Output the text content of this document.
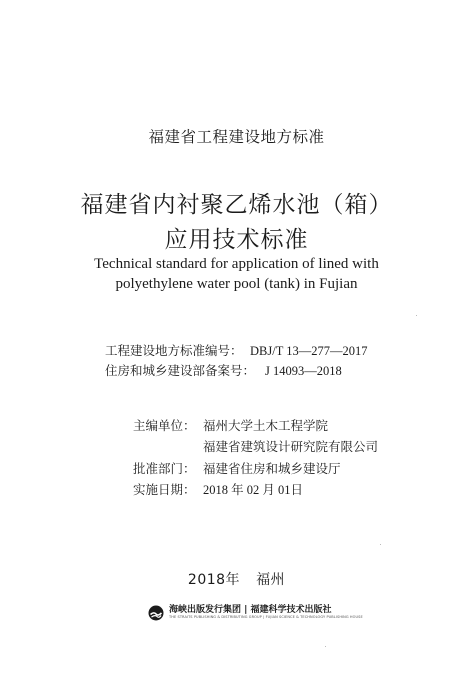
福建省工程建设地方标准
福建省内衬聚乙烯水池（箱）
应用技术标准
Technical standard for application of lined with
polyethylene water pool (tank) in Fujian
工程建设地方标准编号： DBJ/T 13—277—2017
住房和城乡建设部备案号： J 14093—2018
主编单位： 福州大学土木工程学院
福建省建筑设计研究院有限公司
批准部门： 福建省住房和城乡建设厅
实施日期： 2018 年 02 月 01日
2018年 福州
海峡出版发行集团 | 福建科学技术出版社
THE STRAITS PUBLISHING & DISTRIBUTING GROUP | FUJIAN SCIENCE & TECHNOLOGY PUBLISHING HOUSE
